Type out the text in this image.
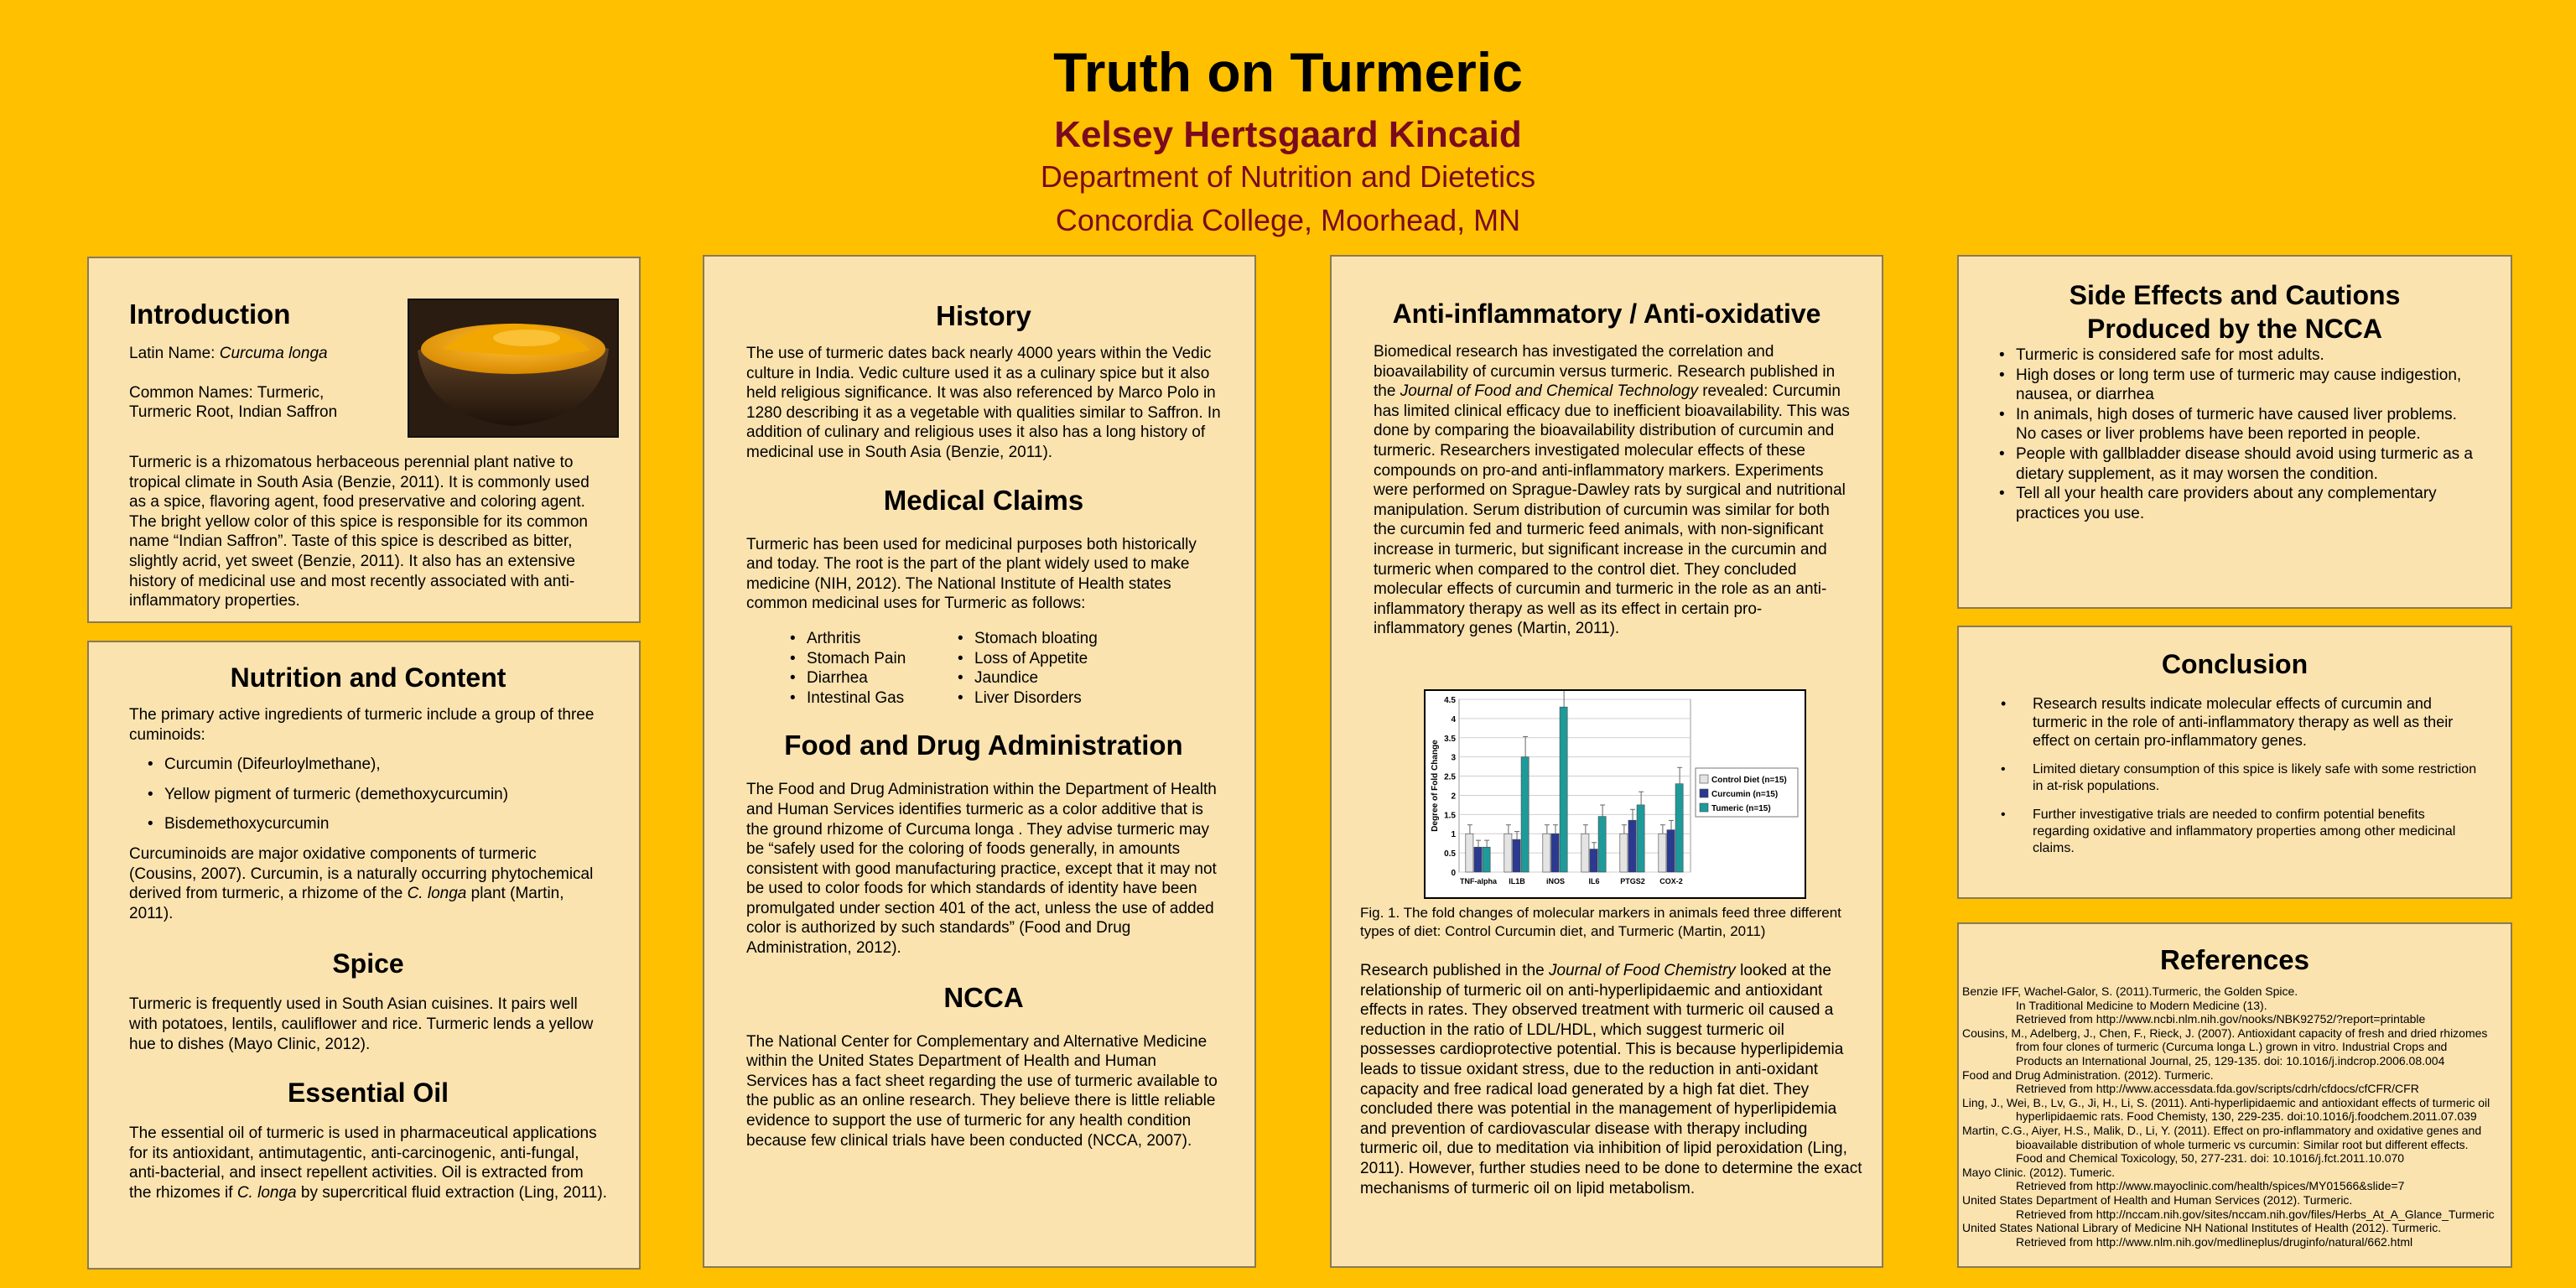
Truth on Turmeric
Kelsey Hertsgaard Kincaid
Department of Nutrition and Dietetics
Concordia College, Moorhead, MN
Introduction
Latin Name: Curcuma longa
Common Names: Turmeric,
Turmeric Root, Indian Saffron
Turmeric is a rhizomatous herbaceous perennial plant native to tropical climate in South Asia (Benzie, 2011). It is commonly used as a spice, flavoring agent, food preservative and coloring agent. The bright yellow color of this spice is responsible for its common name “Indian Saffron”. Taste of this spice is described as bitter, slightly acrid, yet sweet (Benzie, 2011). It also has an extensive history of medicinal use and most recently associated with anti-inflammatory properties.
Nutrition and Content
The primary active ingredients of turmeric include a group of three cuminoids:
• Curcumin (Difeurloylmethane),
• Yellow pigment of turmeric (demethoxycurcumin)
• Bisdemethoxycurcumin
Curcuminoids are major oxidative components of turmeric (Cousins, 2007). Curcumin, is a naturally occurring phytochemical derived from turmeric, a rhizome of the C. longa plant (Martin, 2011).
Spice
Turmeric is frequently used in South Asian cuisines. It pairs well with potatoes, lentils, cauliflower and rice. Turmeric lends a yellow hue to dishes (Mayo Clinic, 2012).
Essential Oil
The essential oil of turmeric is used in pharmaceutical applications for its antioxidant, antimutagentic, anti-carcinogenic, anti-fungal, anti-bacterial, and insect repellent activities. Oil is extracted from the rhizomes if C. longa by supercritical fluid extraction (Ling, 2011).
History
The use of turmeric dates back nearly 4000 years within the Vedic culture in India. Vedic culture used it as a culinary spice but it also held religious significance. It was also referenced by Marco Polo in 1280 describing it as a vegetable with qualities similar to Saffron. In addition of culinary and religious uses it also has a long history of medicinal use in South Asia (Benzie, 2011).
Medical Claims
Turmeric has been used for medicinal purposes both historically and today. The root is the part of the plant widely used to make medicine (NIH, 2012). The National Institute of Health states common medicinal uses for Turmeric as follows:
• Arthritis
• Stomach Pain
• Diarrhea
• Intestinal Gas
• Stomach bloating
• Loss of Appetite
• Jaundice
• Liver Disorders
Food and Drug Administration
The Food and Drug Administration within the Department of Health and Human Services identifies turmeric as a color additive that is the ground rhizome of Curcuma longa . They advise turmeric may be “safely used for the coloring of foods generally, in amounts consistent with good manufacturing practice, except that it may not be used to color foods for which standards of identity have been promulgated under section 401 of the act, unless the use of added color is authorized by such standards” (Food and Drug Administration, 2012).
NCCA
The National Center for Complementary and Alternative Medicine within the United States Department of Health and Human Services has a fact sheet regarding the use of turmeric available to the public as an online research. They believe there is little reliable evidence to support the use of turmeric for any health condition because few clinical trials have been conducted (NCCA, 2007).
Anti-inflammatory / Anti-oxidative
Biomedical research has investigated the correlation and bioavailability of curcumin versus turmeric. Research published in the Journal of Food and Chemical Technology revealed: Curcumin has limited clinical efficacy due to inefficient bioavailability. This was done by comparing the bioavailability distribution of curcumin and turmeric. Researchers investigated molecular effects of these compounds on pro-and anti-inflammatory markers. Experiments were performed on Sprague-Dawley rats by surgical and nutritional manipulation. Serum distribution of curcumin was similar for both the curcumin fed and turmeric feed animals, with non-significant increase in turmeric, but significant increase in the curcumin and turmeric when compared to the control diet. They concluded molecular effects of curcumin and turmeric in the role as an anti-inflammatory therapy as well as its effect in certain pro-inflammatory genes (Martin, 2011).
0
0.5
1
1.5
2
2.5
3
3.5
4
4.5
Degree of Fold Change
TNF-alpha IL1B	iNOS	IL6	PTGS2 COX-2
Control Diet (n=15)
Curcumin (n=15)
Tumeric (n=15)
Fig. 1. The fold changes of molecular markers in animals feed three different types of diet: Control Curcumin diet, and Turmeric (Martin, 2011)
Research published in the Journal of Food Chemistry looked at the relationship of turmeric oil on anti-hyperlipidaemic and antioxidant effects in rates. They observed treatment with turmeric oil caused a reduction in the ratio of LDL/HDL, which suggest turmeric oil possesses cardioprotective potential. This is because hyperlipidemia leads to tissue oxidant stress, due to the reduction in anti-oxidant capacity and free radical load generated by a high fat diet. They concluded there was potential in the management of hyperlipidemia and prevention of cardiovascular disease with therapy including turmeric oil, due to meditation via inhibition of lipid peroxidation (Ling, 2011). However, further studies need to be done to determine the exact mechanisms of turmeric oil on lipid metabolism.
Side Effects and Cautions
Produced by the NCCA
• Turmeric is considered safe for most adults.
• High doses or long term use of turmeric may cause indigestion, nausea, or diarrhea
• In animals, high doses of turmeric have caused liver problems. No cases or liver problems have been reported in people.
• People with gallbladder disease should avoid using turmeric as a dietary supplement, as it may worsen the condition.
• Tell all your health care providers about any complementary practices you use.
Conclusion
• Research results indicate molecular effects of curcumin and turmeric in the role of anti-inflammatory therapy as well as their effect on certain pro-inflammatory genes.
• Limited dietary consumption of this spice is likely safe with some restriction in at-risk populations.
• Further investigative trials are needed to confirm potential benefits regarding oxidative and inflammatory properties among other medicinal claims.
References
Benzie IFF, Wachel-Galor, S. (2011).Turmeric, the Golden Spice.
In Traditional Medicine to Modern Medicine (13).
Retrieved from http://www.ncbi.nlm.nih.gov/nooks/NBK92752/?report=printable
Cousins, M., Adelberg, J., Chen, F., Rieck, J. (2007). Antioxidant capacity of fresh and dried rhizomes
from four clones of turmeric (Curcuma longa L.) grown in vitro. Industrial Crops and
Products an International Journal, 25, 129-135. doi: 10.1016/j.indcrop.2006.08.004
Food and Drug Administration. (2012). Turmeric.
Retrieved from http://www.accessdata.fda.gov/scripts/cdrh/cfdocs/cfCFR/CFR
Ling, J., Wei, B., Lv, G., Ji, H., Li, S. (2011). Anti-hyperlipidaemic and antioxidant effects of turmeric oil
hyperlipidaemic rats. Food Chemisty, 130, 229-235. doi:10.1016/j.foodchem.2011.07.039
Martin, C.G., Aiyer, H.S., Malik, D., Li, Y. (2011). Effect on pro-inflammatory and oxidative genes and
bioavailable distribution of whole turmeric vs curcumin: Similar root but different effects.
Food and Chemical Toxicology, 50, 277-231. doi: 10.1016/j.fct.2011.10.070
Mayo Clinic. (2012). Tumeric.
Retrieved from http://www.mayoclinic.com/health/spices/MY01566&slide=7
United States Department of Health and Human Services (2012). Turmeric.
Retrieved from http://nccam.nih.gov/sites/nccam.nih.gov/files/Herbs_At_A_Glance_Turmeric
United States National Library of Medicine NH National Institutes of Health (2012). Turmeric.
Retrieved from http://www.nlm.nih.gov/medlineplus/druginfo/natural/662.html
